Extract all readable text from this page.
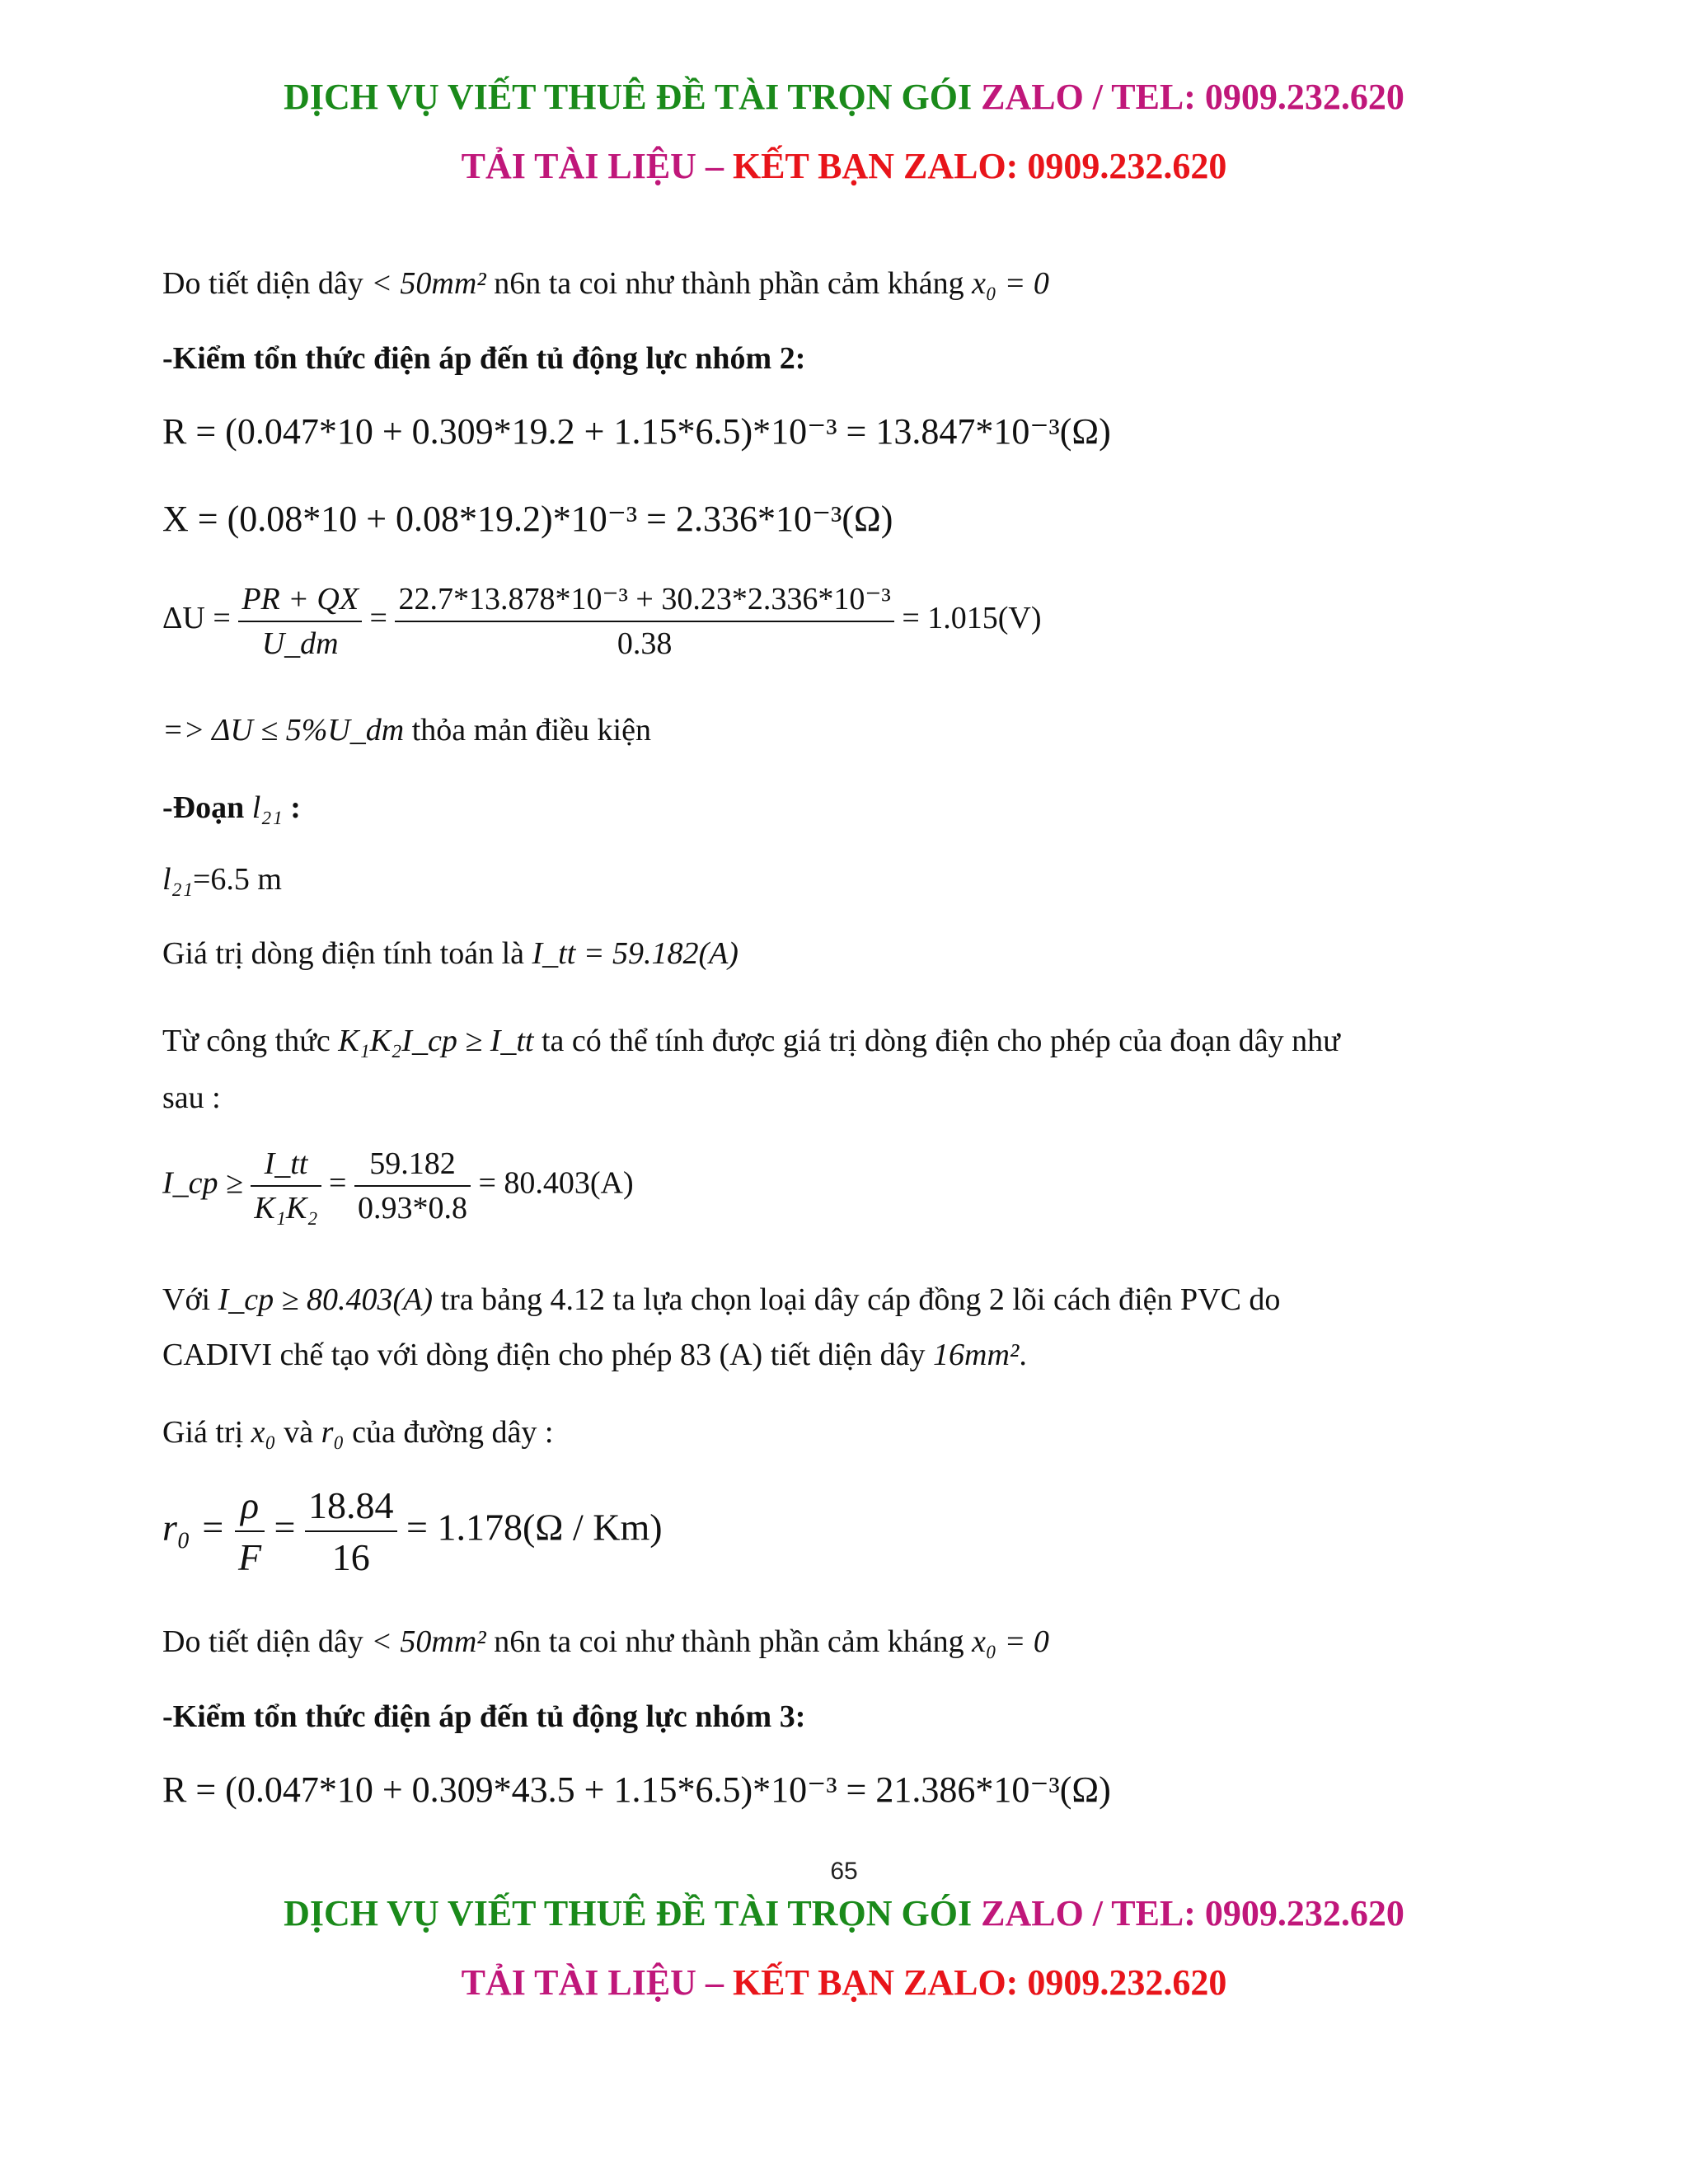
DỊCH VỤ VIẾT THUÊ ĐỀ TÀI TRỌN GÓI ZALO / TEL: 0909.232.620
TẢI TÀI LIỆU – KẾT BẠN ZALO: 0909.232.620
Do tiết diện dây < 50mm² n6n ta coi như thành phần cảm kháng x₀ = 0
-Kiểm tổn thức điện áp đến tủ động lực nhóm 2:
R = (0.047*10 + 0.309*19.2 + 1.15*6.5)*10⁻³ = 13.847*10⁻³(Ω)
X = (0.08*10 + 0.08*19.2)*10⁻³ = 2.336*10⁻³(Ω)
$\Delta U = \frac{PR + QX}{U\_dm} = \frac{\text{22.7*13.878*10⁻³ + 30.23*2.336*10⁻³}}{0.38} = 1.015(V)$
=> ΔU ≤ 5%U_dm thỏa mản điều kiện
-Đoạn l₂₁ :
l₂₁=6.5 m
Giá trị dòng điện tính toán là I_tt = 59.182(A)
Từ công thức K₁K₂I_cp ≥ I_tt ta có thể tính được giá trị dòng điện cho phép của đoạn dây như
sau :
I_cp ≥ $\frac{I\_tt}{\text{K₁K₂}} = \frac{59.182}{0.93*0.8} = 80.403(A)$
Với I_cp ≥ 80.403(A) tra bảng 4.12 ta lựa chọn loại dây cáp đồng 2 lõi cách điện PVC do
CADIVI chế tạo với dòng điện cho phép 83 (A) tiết diện dây 16mm².
Giá trị x₀ và r₀ của đường dây :
$r_0 = \frac{\rho}{F} = \frac{18.84}{16} = 1.178(\Omega / Km)$
Do tiết diện dây < 50mm² n6n ta coi như thành phần cảm kháng x₀ = 0
-Kiểm tổn thức điện áp đến tủ động lực nhóm 3:
R = (0.047*10 + 0.309*43.5 + 1.15*6.5)*10⁻³ = 21.386*10⁻³(Ω)
65
DỊCH VỤ VIẾT THUÊ ĐỀ TÀI TRỌN GÓI ZALO / TEL: 0909.232.620
TẢI TÀI LIỆU – KẾT BẠN ZALO: 0909.232.620
